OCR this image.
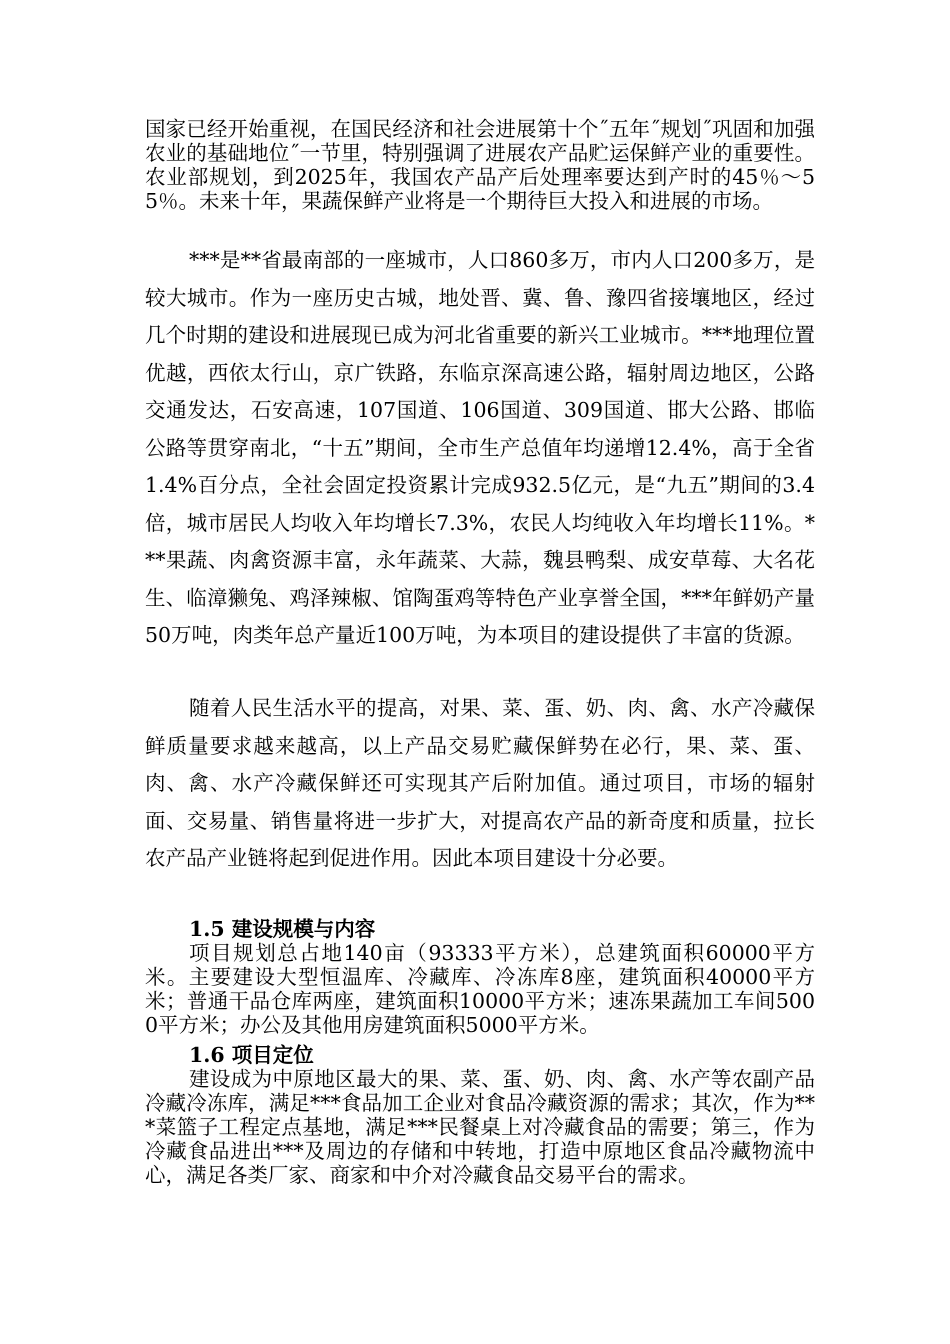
国家已经开始重视，在国民经济和社会进展第十个˝五年˝规划˝巩固和加强农业的基础地位˝一节里，特别强调了进展农产品贮运保鲜产业的重要性。农业部规划，到2025年，我国农产品产后处理率要达到产时的45％～55％。未来十年，果蔬保鲜产业将是一个期待巨大投入和进展的市场。

***是**省最南部的一座城市，人口860多万，市内人口200多万，是较大城市。作为一座历史古城，地处晋、冀、鲁、豫四省接壤地区，经过几个时期的建设和进展现已成为河北省重要的新兴工业城市。***地理位置优越，西依太行山，京广铁路，东临京深高速公路，辐射周边地区，公路交通发达，石安高速，107国道、106国道、309国道、邯大公路、邯临公路等贯穿南北，“十五”期间，全市生产总值年均递增12.4%，高于全省1.4%百分点，全社会固定投资累计完成932.5亿元，是“九五”期间的3.4倍，城市居民人均收入年均增长7.3%，农民人均纯收入年均增长11%。***果蔬、肉禽资源丰富，永年蔬菜、大蒜，魏县鸭梨、成安草莓、大名花生、临漳獭兔、鸡泽辣椒、馆陶蛋鸡等特色产业享誉全国，***年鲜奶产量50万吨，肉类年总产量近100万吨，为本项目的建设提供了丰富的货源。

随着人民生活水平的提高，对果、菜、蛋、奶、肉、禽、水产冷藏保鲜质量要求越来越高，以上产品交易贮藏保鲜势在必行，果、菜、蛋、肉、禽、水产冷藏保鲜还可实现其产后附加值。通过项目，市场的辐射面、交易量、销售量将进一步扩大，对提高农产品的新奇度和质量，拉长农产品产业链将起到促进作用。因此本项目建设十分必要。

1.5 建设规模与内容

项目规划总占地140亩（93333平方米），总建筑面积60000平方米。主要建设大型恒温库、冷藏库、冷冻库8座，建筑面积40000平方米；普通干品仓库两座，建筑面积10000平方米；速冻果蔬加工车间5000平方米；办公及其他用房建筑面积5000平方米。

1.6 项目定位

建设成为中原地区最大的果、菜、蛋、奶、肉、禽、水产等农副产品冷藏冷冻库，满足***食品加工企业对食品冷藏资源的需求；其次，作为***菜篮子工程定点基地，满足***民餐桌上对冷藏食品的需要；第三，作为冷藏食品进出***及周边的存储和中转地，打造中原地区食品冷藏物流中心，满足各类厂家、商家和中介对冷藏食品交易平台的需求。
